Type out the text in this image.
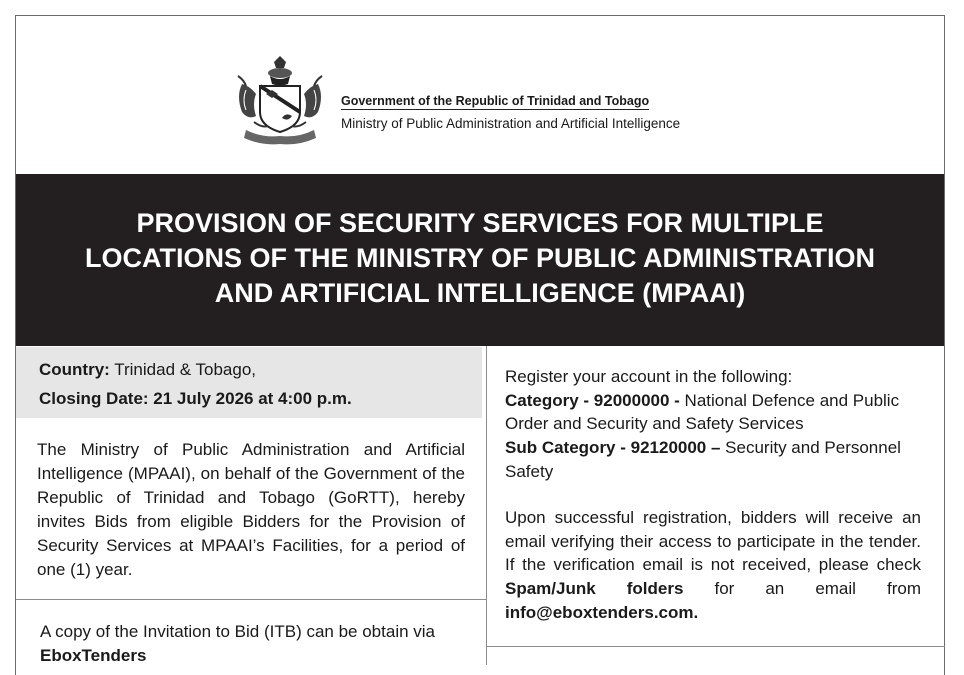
Government of the Republic of Trinidad and Tobago
Ministry of Public Administration and Artificial Intelligence
PROVISION OF SECURITY SERVICES FOR MULTIPLE
LOCATIONS OF THE MINISTRY OF PUBLIC ADMINISTRATION
AND ARTIFICIAL INTELLIGENCE (MPAAI)
Country: Trinidad & Tobago,
Closing Date: 21 July 2026 at 4:00 p.m.
The Ministry of Public Administration and Artificial Intelligence (MPAAI), on behalf of the Government of the Republic of Trinidad and Tobago (GoRTT), hereby invites Bids from eligible Bidders for the Provision of Security Services at MPAAI’s Facilities, for a period of one (1) year.
A copy of the Invitation to Bid (ITB) can be obtain via
EboxTenders
Register your account in the following:
Category - 92000000 - National Defence and Public Order and Security and Safety Services
Sub Category - 92120000 – Security and Personnel Safety
Upon successful registration, bidders will receive an email verifying their access to participate in the tender. If the verification email is not received, please check Spam/Junk folders for an email from info@eboxtenders.com.
